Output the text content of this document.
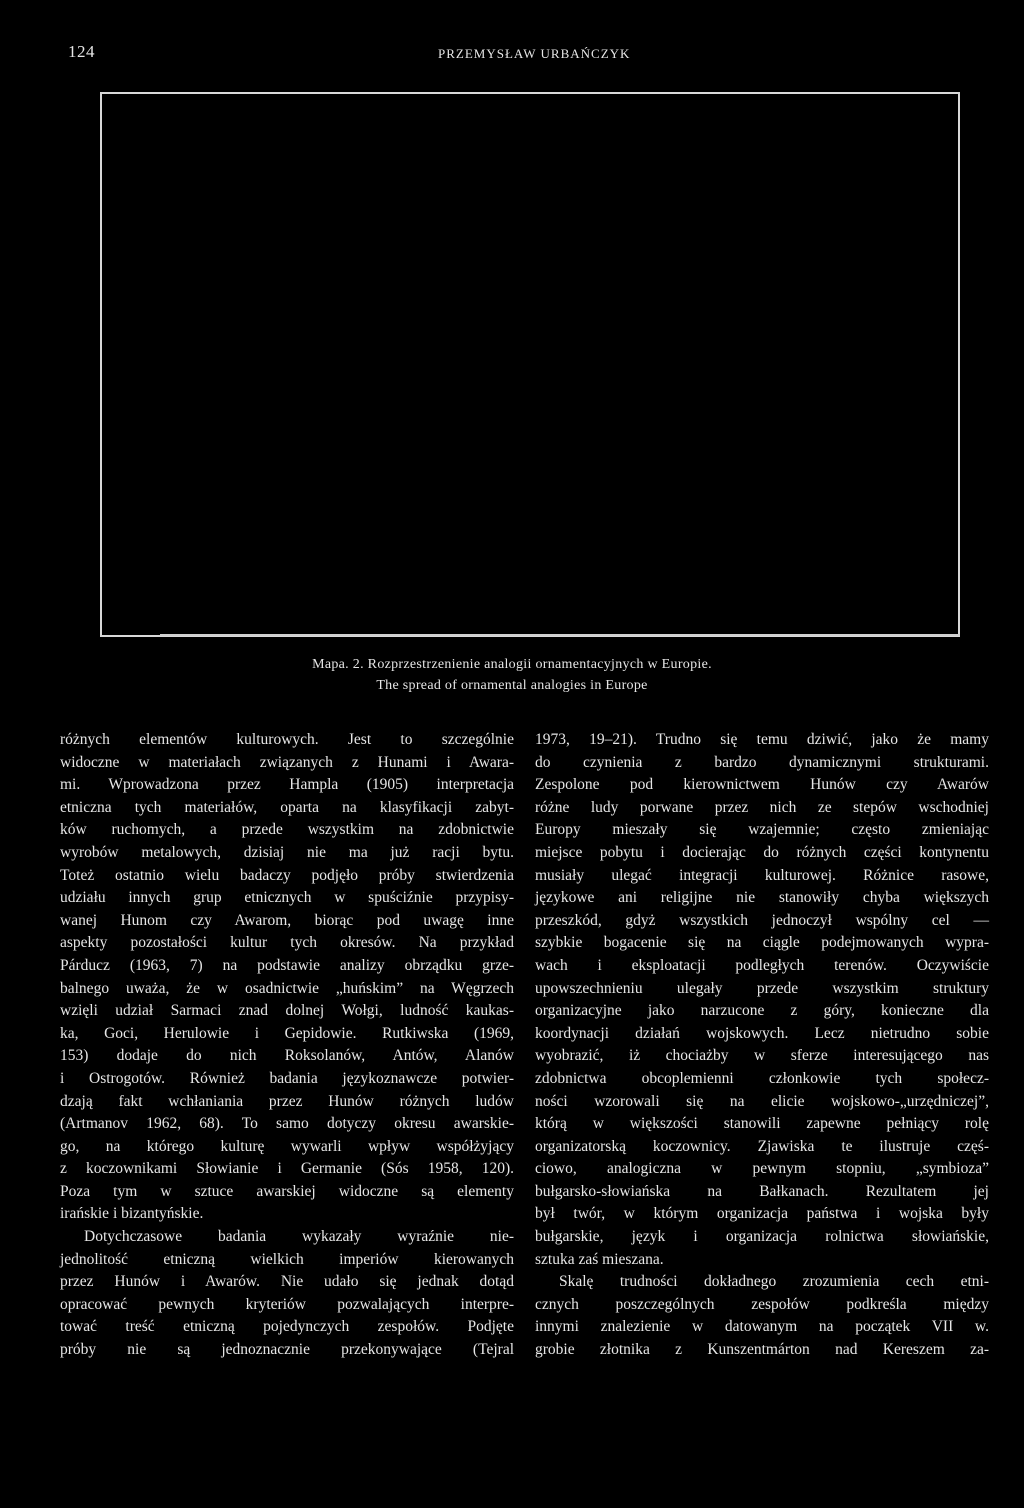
124	PRZEMYSŁAW URBAŃCZYK
Mapa. 2. Rozprzestrzenienie analogii ornamentacyjnych w Europie.
The spread of ornamental analogies in Europe
różnych elementów kulturowych. Jest to szczególnie
widoczne w materiałach związanych z Hunami i Awara-
mi. Wprowadzona przez Hampla (1905) interpretacja
etniczna tych materiałów, oparta na klasyfikacji zabyt-
ków ruchomych, a przede wszystkim na zdobnictwie
wyrobów metalowych, dzisiaj nie ma już racji bytu.
Toteż ostatnio wielu badaczy podjęło próby stwierdzenia
udziału innych grup etnicznych w spuściźnie przypisy-
wanej Hunom czy Awarom, biorąc pod uwagę inne
aspekty pozostałości kultur tych okresów. Na przykład
Párducz (1963, 7) na podstawie analizy obrządku grze-
balnego uważa, że w osadnictwie „huńskim” na Węgrzech
wzięli udział Sarmaci znad dolnej Wołgi, ludność kaukas-
ka, Goci, Herulowie i Gepidowie. Rutkiwska (1969,
153) dodaje do nich Roksolanów, Antów, Alanów
i Ostrogotów. Również badania językoznawcze potwier-
dzają fakt wchłaniania przez Hunów różnych ludów
(Artmanov 1962, 68). To samo dotyczy okresu awarskie-
go, na którego kulturę wywarli wpływ współżyjący
z koczownikami Słowianie i Germanie (Sós 1958, 120).
Poza tym w sztuce awarskiej widoczne są elementy
irańskie i bizantyńskie.
Dotychczasowe badania wykazały wyraźnie nie-
jednolitość etniczną wielkich imperiów kierowanych
przez Hunów i Awarów. Nie udało się jednak dotąd
opracować pewnych kryteriów pozwalających interpre-
tować treść etniczną pojedynczych zespołów. Podjęte
próby nie są jednoznacznie przekonywające (Tejral
1973, 19–21). Trudno się temu dziwić, jako że mamy
do czynienia z bardzo dynamicznymi strukturami.
Zespolone pod kierownictwem Hunów czy Awarów
różne ludy porwane przez nich ze stepów wschodniej
Europy mieszały się wzajemnie; często zmieniając
miejsce pobytu i docierając do różnych części kontynentu
musiały ulegać integracji kulturowej. Różnice rasowe,
językowe ani religijne nie stanowiły chyba większych
przeszkód, gdyż wszystkich jednoczył wspólny cel —
szybkie bogacenie się na ciągle podejmowanych wypra-
wach i eksploatacji podległych terenów. Oczywiście
upowszechnieniu ulegały przede wszystkim struktury
organizacyjne jako narzucone z góry, konieczne dla
koordynacji działań wojskowych. Lecz nietrudno sobie
wyobrazić, iż chociażby w sferze interesującego nas
zdobnictwa obcoplemienni członkowie tych społecz-
ności wzorowali się na elicie wojskowo-„urzędniczej”,
którą w większości stanowili zapewne pełniący rolę
organizatorską koczownicy. Zjawiska te ilustruje częś-
ciowo, analogiczna w pewnym stopniu, „symbioza”
bułgarsko-słowiańska na Bałkanach. Rezultatem jej
był twór, w którym organizacja państwa i wojska były
bułgarskie, język i organizacja rolnictwa słowiańskie,
sztuka zaś mieszana.
Skalę trudności dokładnego zrozumienia cech etni-
cznych poszczególnych zespołów podkreśla między
innymi znalezienie w datowanym na początek VII w.
grobie złotnika z Kunszentmárton nad Kereszem za-
